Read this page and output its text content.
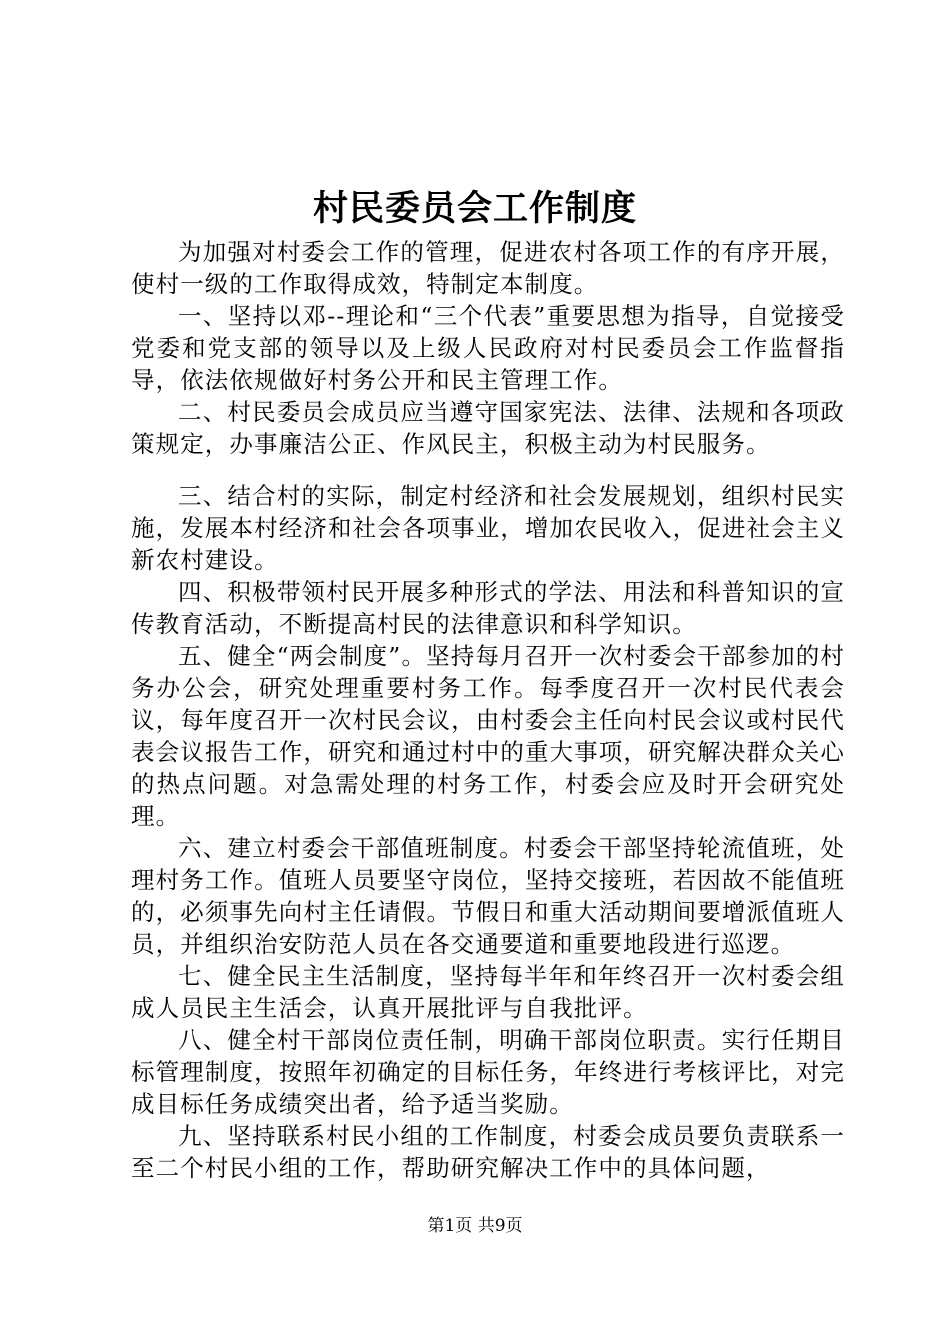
村民委员会工作制度

为加强对村委会工作的管理，促进农村各项工作的有序开展，使村一级的工作取得成效，特制定本制度。

一、坚持以邓--理论和“三个代表”重要思想为指导，自觉接受党委和党支部的领导以及上级人民政府对村民委员会工作监督指导，依法依规做好村务公开和民主管理工作。

二、村民委员会成员应当遵守国家宪法、法律、法规和各项政策规定，办事廉洁公正、作风民主，积极主动为村民服务。

三、结合村的实际，制定村经济和社会发展规划，组织村民实施，发展本村经济和社会各项事业，增加农民收入，促进社会主义新农村建设。

四、积极带领村民开展多种形式的学法、用法和科普知识的宣传教育活动，不断提高村民的法律意识和科学知识。

五、健全“两会制度”。坚持每月召开一次村委会干部参加的村务办公会，研究处理重要村务工作。每季度召开一次村民代表会议，每年度召开一次村民会议，由村委会主任向村民会议或村民代表会议报告工作，研究和通过村中的重大事项，研究解决群众关心的热点问题。对急需处理的村务工作，村委会应及时开会研究处理。

六、建立村委会干部值班制度。村委会干部坚持轮流值班，处理村务工作。值班人员要坚守岗位，坚持交接班，若因故不能值班的，必须事先向村主任请假。节假日和重大活动期间要增派值班人员，并组织治安防范人员在各交通要道和重要地段进行巡逻。

七、健全民主生活制度，坚持每半年和年终召开一次村委会组成人员民主生活会，认真开展批评与自我批评。

八、健全村干部岗位责任制，明确干部岗位职责。实行任期目标管理制度，按照年初确定的目标任务，年终进行考核评比，对完成目标任务成绩突出者，给予适当奖励。

九、坚持联系村民小组的工作制度，村委会成员要负责联系一至二个村民小组的工作，帮助研究解决工作中的具体问题，

第1页 共9页
